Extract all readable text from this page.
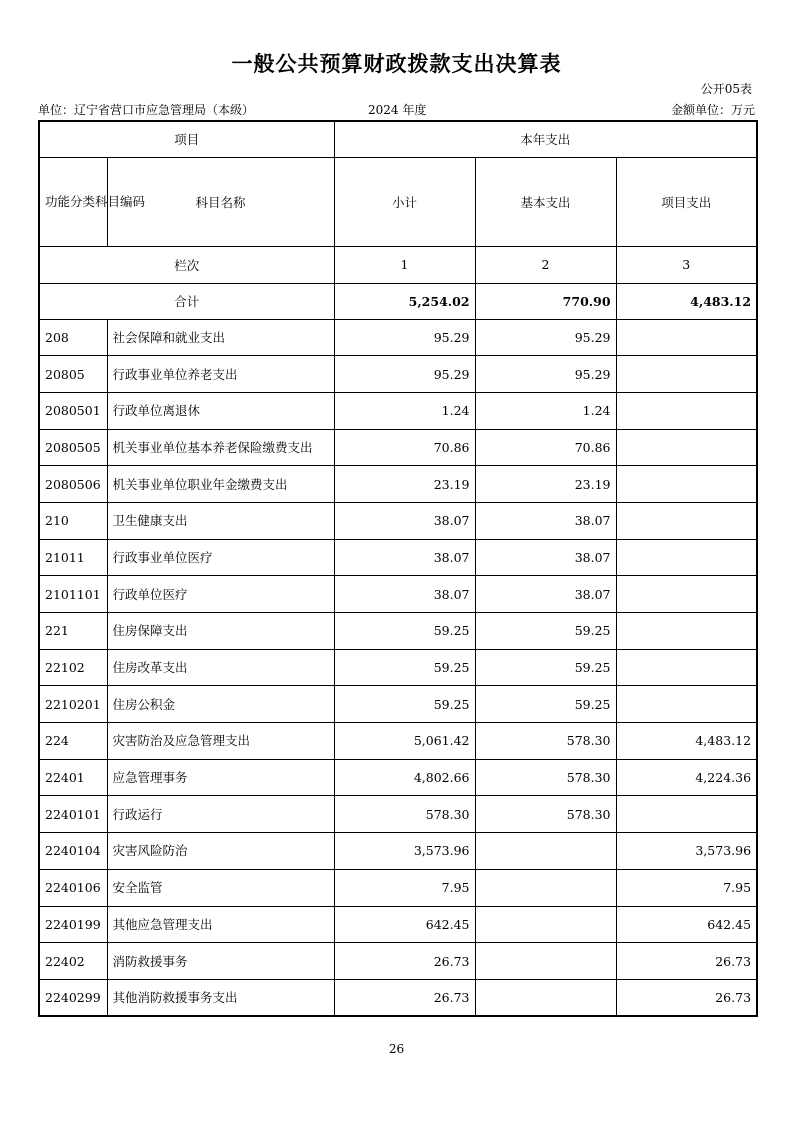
一般公共预算财政拨款支出决算表
公开05表
单位：辽宁省营口市应急管理局（本级）	2024 年度	金额单位：万元
项目		本年支出		
功能分类科目编码	科目名称	小计	基本支出	项目支出
栏次		1	2	3
合计		5,254.02	770.90	4,483.12
208	社会保障和就业支出	95.29	95.29	
20805	行政事业单位养老支出	95.29	95.29	
2080501	行政单位离退休	1.24	1.24	
2080505	机关事业单位基本养老保险缴费支出	70.86	70.86	
2080506	机关事业单位职业年金缴费支出	23.19	23.19	
210	卫生健康支出	38.07	38.07	
21011	行政事业单位医疗	38.07	38.07	
2101101	行政单位医疗	38.07	38.07	
221	住房保障支出	59.25	59.25	
22102	住房改革支出	59.25	59.25	
2210201	住房公积金	59.25	59.25	
224	灾害防治及应急管理支出	5,061.42	578.30	4,483.12
22401	应急管理事务	4,802.66	578.30	4,224.36
2240101	行政运行	578.30	578.30	
2240104	灾害风险防治	3,573.96		3,573.96
2240106	安全监管	7.95		7.95
2240199	其他应急管理支出	642.45		642.45
22402	消防救援事务	26.73		26.73
2240299	其他消防救援事务支出	26.73		26.73
26
